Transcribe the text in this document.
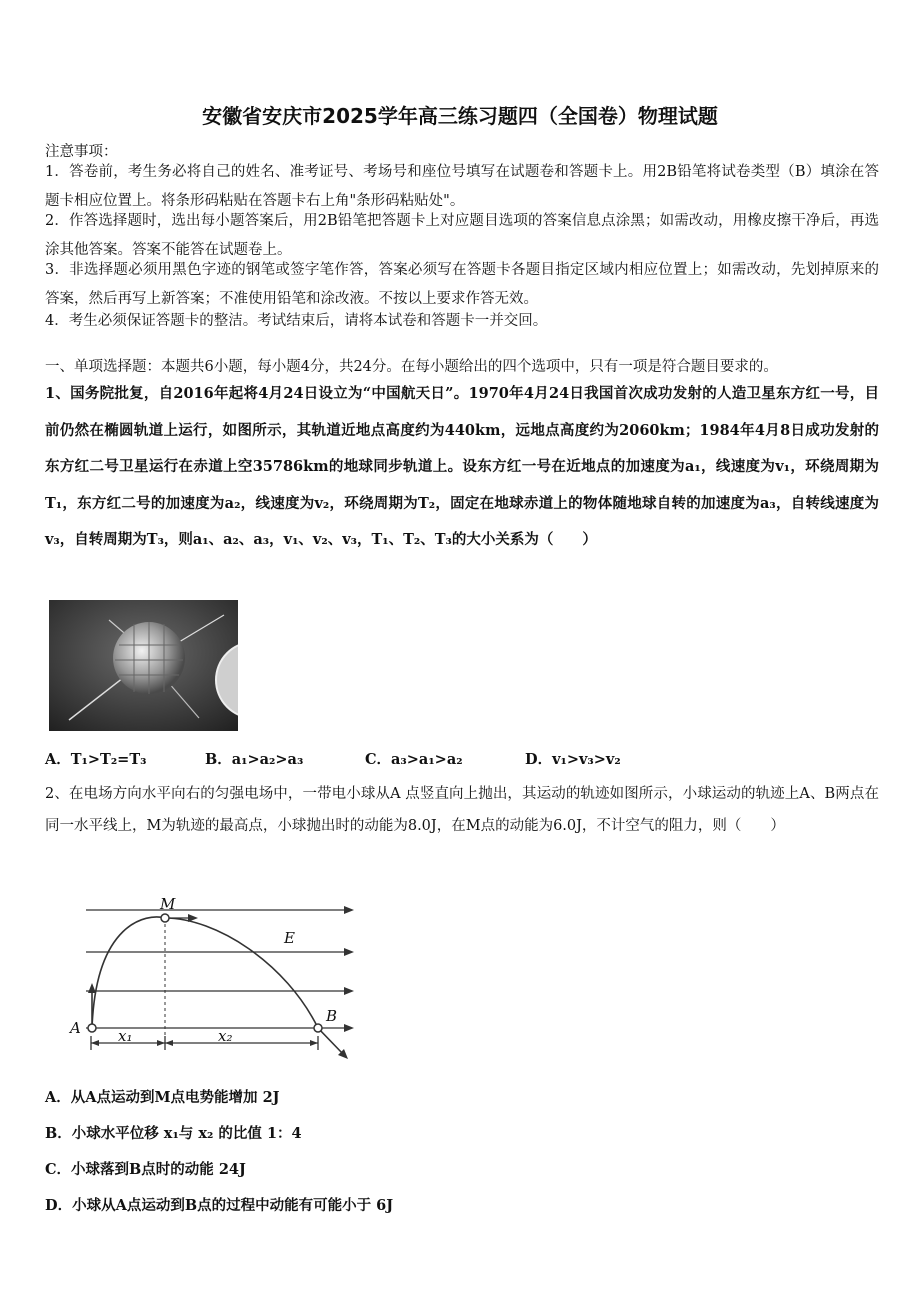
安徽省安庆市2025学年高三练习题四（全国卷）物理试题
注意事项：
1．答卷前，考生务必将自己的姓名、准考证号、考场号和座位号填写在试题卷和答题卡上。用2B铅笔将试卷类型（B）填涂在答题卡相应位置上。将条形码粘贴在答题卡右上角"条形码粘贴处"。
2．作答选择题时，选出每小题答案后，用2B铅笔把答题卡上对应题目选项的答案信息点涂黑；如需改动，用橡皮擦干净后，再选涂其他答案。答案不能答在试题卷上。
3．非选择题必须用黑色字迹的钢笔或签字笔作答，答案必须写在答题卡各题目指定区域内相应位置上；如需改动，先划掉原来的答案，然后再写上新答案；不准使用铅笔和涂改液。不按以上要求作答无效。
4．考生必须保证答题卡的整洁。考试结束后，请将本试卷和答题卡一并交回。
一、单项选择题：本题共6小题，每小题4分，共24分。在每小题给出的四个选项中，只有一项是符合题目要求的。
1、国务院批复，自2016年起将4月24日设立为“中国航天日”。1970年4月24日我国首次成功发射的人造卫星东方红一号，目前仍然在椭圆轨道上运行，如图所示，其轨道近地点高度约为440km，远地点高度约为2060km；1984年4月8日成功发射的东方红二号卫星运行在赤道上空35786km的地球同步轨道上。设东方红一号在近地点的加速度为a₁，线速度为v₁，环绕周期为T₁，东方红二号的加速度为a₂，线速度为v₂，环绕周期为T₂，固定在地球赤道上的物体随地球自转的加速度为a₃，自转线速度为v₃，自转周期为T₃，则a₁、a₂、a₃，v₁、v₂、v₃，T₁、T₂、T₃的大小关系为（　　）
A．T₁>T₂=T₃	B．a₁>a₂>a₃	C．a₃>a₁>a₂	D．v₁>v₃>v₂
2、在电场方向水平向右的匀强电场中，一带电小球从A 点竖直向上抛出，其运动的轨迹如图所示，小球运动的轨迹上A、B两点在同一水平线上，M为轨迹的最高点，小球抛出时的动能为8.0J，在M点的动能为6.0J，不计空气的阻力，则（　　）
M
E
A
B
x₁	x₂
A．从A点运动到M点电势能增加 2J
B．小球水平位移 x₁与 x₂ 的比值 1：4
C．小球落到B点时的动能 24J
D．小球从A点运动到B点的过程中动能有可能小于 6J
